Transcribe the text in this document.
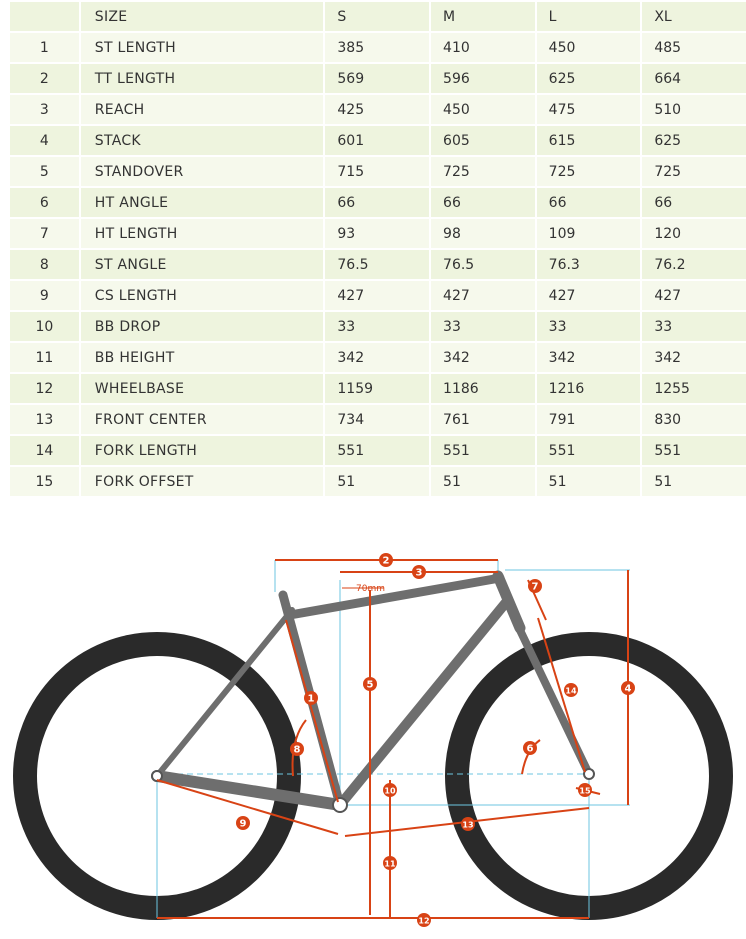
	SIZE	S	M	L	XL
1	ST LENGTH	385	410	450	485
2	TT LENGTH	569	596	625	664
3	REACH	425	450	475	510
4	STACK	601	605	615	625
5	STANDOVER	715	725	725	725
6	HT ANGLE	66	66	66	66
7	HT LENGTH	93	98	109	120
8	ST ANGLE	76.5	76.5	76.3	76.2
9	CS LENGTH	427	427	427	427
10	BB DROP	33	33	33	33
11	BB HEIGHT	342	342	342	342
12	WHEELBASE	1159	1186	1216	1255
13	FRONT CENTER	734	761	791	830
14	FORK LENGTH	551	551	551	551
15	FORK OFFSET	51	51	51	51
70mm
1
2
3
4
5
6
7
8
9
10
11
12
13
14
15
